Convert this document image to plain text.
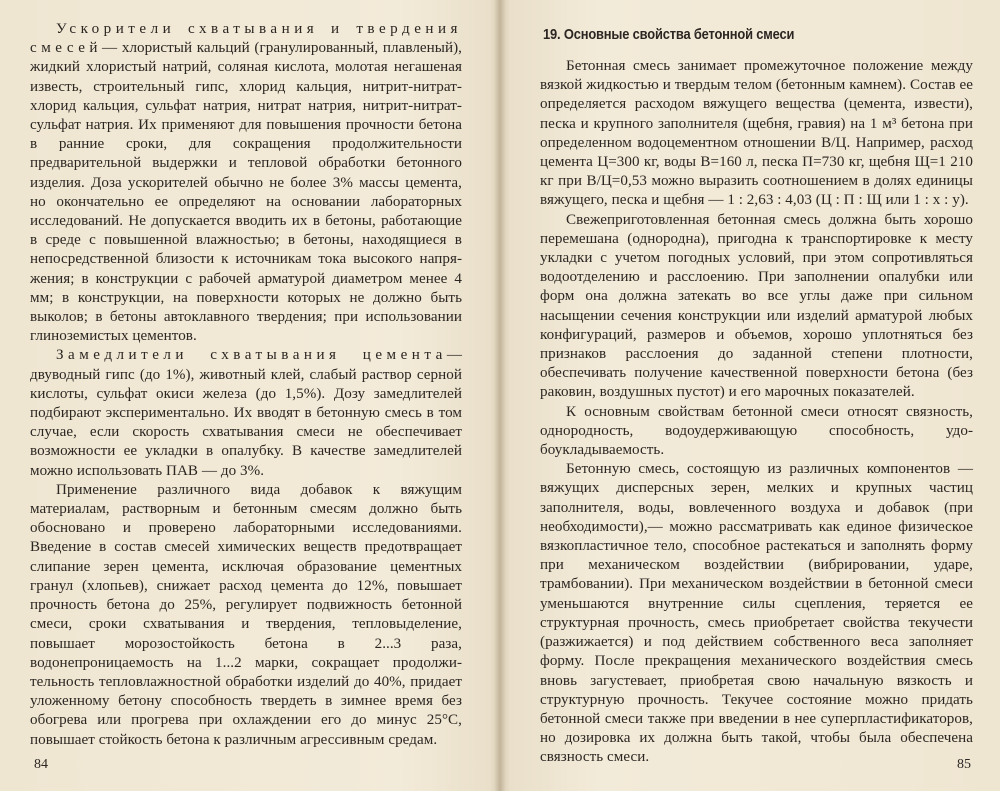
Ускорители схватывания и твердения смесей— хлористый кальций (гранулированный, плавленый), жидкий хлористый натрий, соляная кислота, молотая негашеная известь, строительный гипс, хлорид кальция, нитрит-нитрат-хлорид кальция, сульфат натрия, нитрат натрия, нитрит-нитрат-сульфат натрия. Их применяют для повышения прочности бетона в ранние сроки, для сокращения продолжительности предварительной выдержки и тепловой обработки бетонного изделия. Доза ускорителей обычно не более 3% массы цемента, но окончательно ее определяют на основании лабораторных исследований. Не допускается вводить их в бетоны, работающие в среде с повышенной влажностью; в бетоны, находящиеся в непосредственной близости к источникам тока высокого напряжения; в конструкции с рабочей арматурой диаметром менее 4 мм; в конструкции, на поверхности которых не должно быть выколов; в бетоны автоклавного твердения; при использовании глиноземистых цементов.

Замедлители схватывания цемента— двуводный гипс (до 1%), животный клей, слабый раствор серной кислоты, сульфат окиси железа (до 1,5%). Дозу замедлителей подбирают экспериментально. Их вводят в бетонную смесь в том случае, если скорость схватывания смеси не обеспечивает возможности ее укладки в опалубку. В качестве замедлителей можно использовать ПАВ — до 3%.

Применение различного вида добавок к вяжущим материалам, растворным и бетонным смесям должно быть обосновано и проверено лабораторными исследованиями. Введение в состав смесей химических веществ предотвращает слипание зерен цемента, исключая образование цементных гранул (хлопьев), снижает расход цемента до 12%, повышает прочность бетона до 25%, регулирует подвижность бетонной смеси, сроки схватывания и твердения, тепловыделение, повышает морозостойкость бетона в 2...3 раза, водонепроницаемость на 1...2 марки, сокращает продолжительность тепловлажностной обработки изделий до 40%, придает уложенному бетону способность твердеть в зимнее время без обогрева или прогрева при охлаждении его до минус 25°С, повышает стойкость бетона к различным агрессивным средам.

84
19. Основные свойства бетонной смеси

Бетонная смесь занимает промежуточное положение между вязкой жидкостью и твердым телом (бетонным камнем). Состав ее определяется расходом вяжущего вещества (цемента, извести), песка и крупного заполнителя (щебня, гравия) на 1 м³ бетона при определенном водоцементном отношении В/Ц. Например, расход цемента Ц=300 кг, воды В=160 л, песка П=730 кг, щебня Щ=1 210 кг при В/Ц=0,53 можно выразить соотношением в долях единицы вяжущего, песка и щебня — 1 : 2,63 : 4,03 (Ц : П : Щ или 1 : х : у).

Свежеприготовленная бетонная смесь должна быть хорошо перемешана (однородна), пригодна к транспортировке к месту укладки с учетом погодных условий, при этом сопротивляться водоотделению и расслоению. При заполнении опалубки или форм она должна затекать во все углы даже при сильном насыщении сечения конструкции или изделий арматурой любых конфигураций, размеров и объемов, хорошо уплотняться без признаков расслоения до заданной степени плотности, обеспечивать получение качественной поверхности бетона (без раковин, воздушных пустот) и его марочных показателей.

К основным свойствам бетонной смеси относят связность, однородность, водоудерживающую способность, удобоукладываемость.

Бетонную смесь, состоящую из различных компонентов — вяжущих дисперсных зерен, мелких и крупных частиц заполнителя, воды, вовлеченного воздуха и добавок (при необходимости),— можно рассматривать как единое физическое вязкопластичное тело, способное растекаться и заполнять форму при механическом воздействии (вибрировании, ударе, трамбовании). При механическом воздействии в бетонной смеси уменьшаются внутренние силы сцепления, теряется ее структурная прочность, смесь приобретает свойства текучести (разжижается) и под действием собственного веса заполняет форму. После прекращения механического воздействия смесь вновь загустевает, приобретая свою начальную вязкость и структурную прочность. Текучее состояние можно придать бетонной смеси также при введении в нее суперпластификаторов, но дозировка их должна быть такой, чтобы была обеспечена связность смеси.	85
